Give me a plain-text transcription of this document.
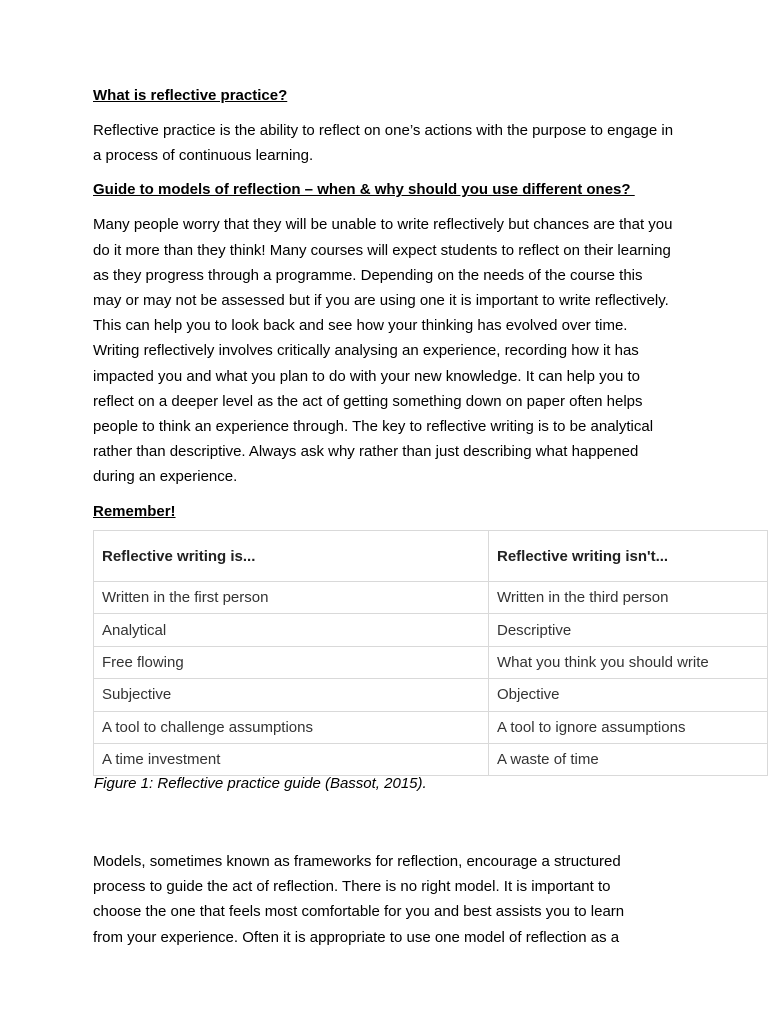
What is reflective practice?

Reflective practice is the ability to reflect on one’s actions with the purpose to engage in a process of continuous learning.

Guide to models of reflection – when & why should you use different ones?

Many people worry that they will be unable to write reflectively but chances are that you do it more than they think! Many courses will expect students to reflect on their learning as they progress through a programme. Depending on the needs of the course this may or may not be assessed but if you are using one it is important to write reflectively. This can help you to look back and see how your thinking has evolved over time. Writing reflectively involves critically analysing an experience, recording how it has impacted you and what you plan to do with your new knowledge. It can help you to reflect on a deeper level as the act of getting something down on paper often helps people to think an experience through. The key to reflective writing is to be analytical rather than descriptive. Always ask why rather than just describing what happened during an experience.

Remember!

Reflective writing is...	Reflective writing isn't...
Written in the first person	Written in the third person
Analytical	Descriptive
Free flowing	What you think you should write
Subjective	Objective
A tool to challenge assumptions	A tool to ignore assumptions
A time investment	A waste of time
Figure 1: Reflective practice guide (Bassot, 2015).

Models, sometimes known as frameworks for reflection, encourage a structured process to guide the act of reflection. There is no right model. It is important to choose the one that feels most comfortable for you and best assists you to learn from your experience. Often it is appropriate to use one model of reflection as a
